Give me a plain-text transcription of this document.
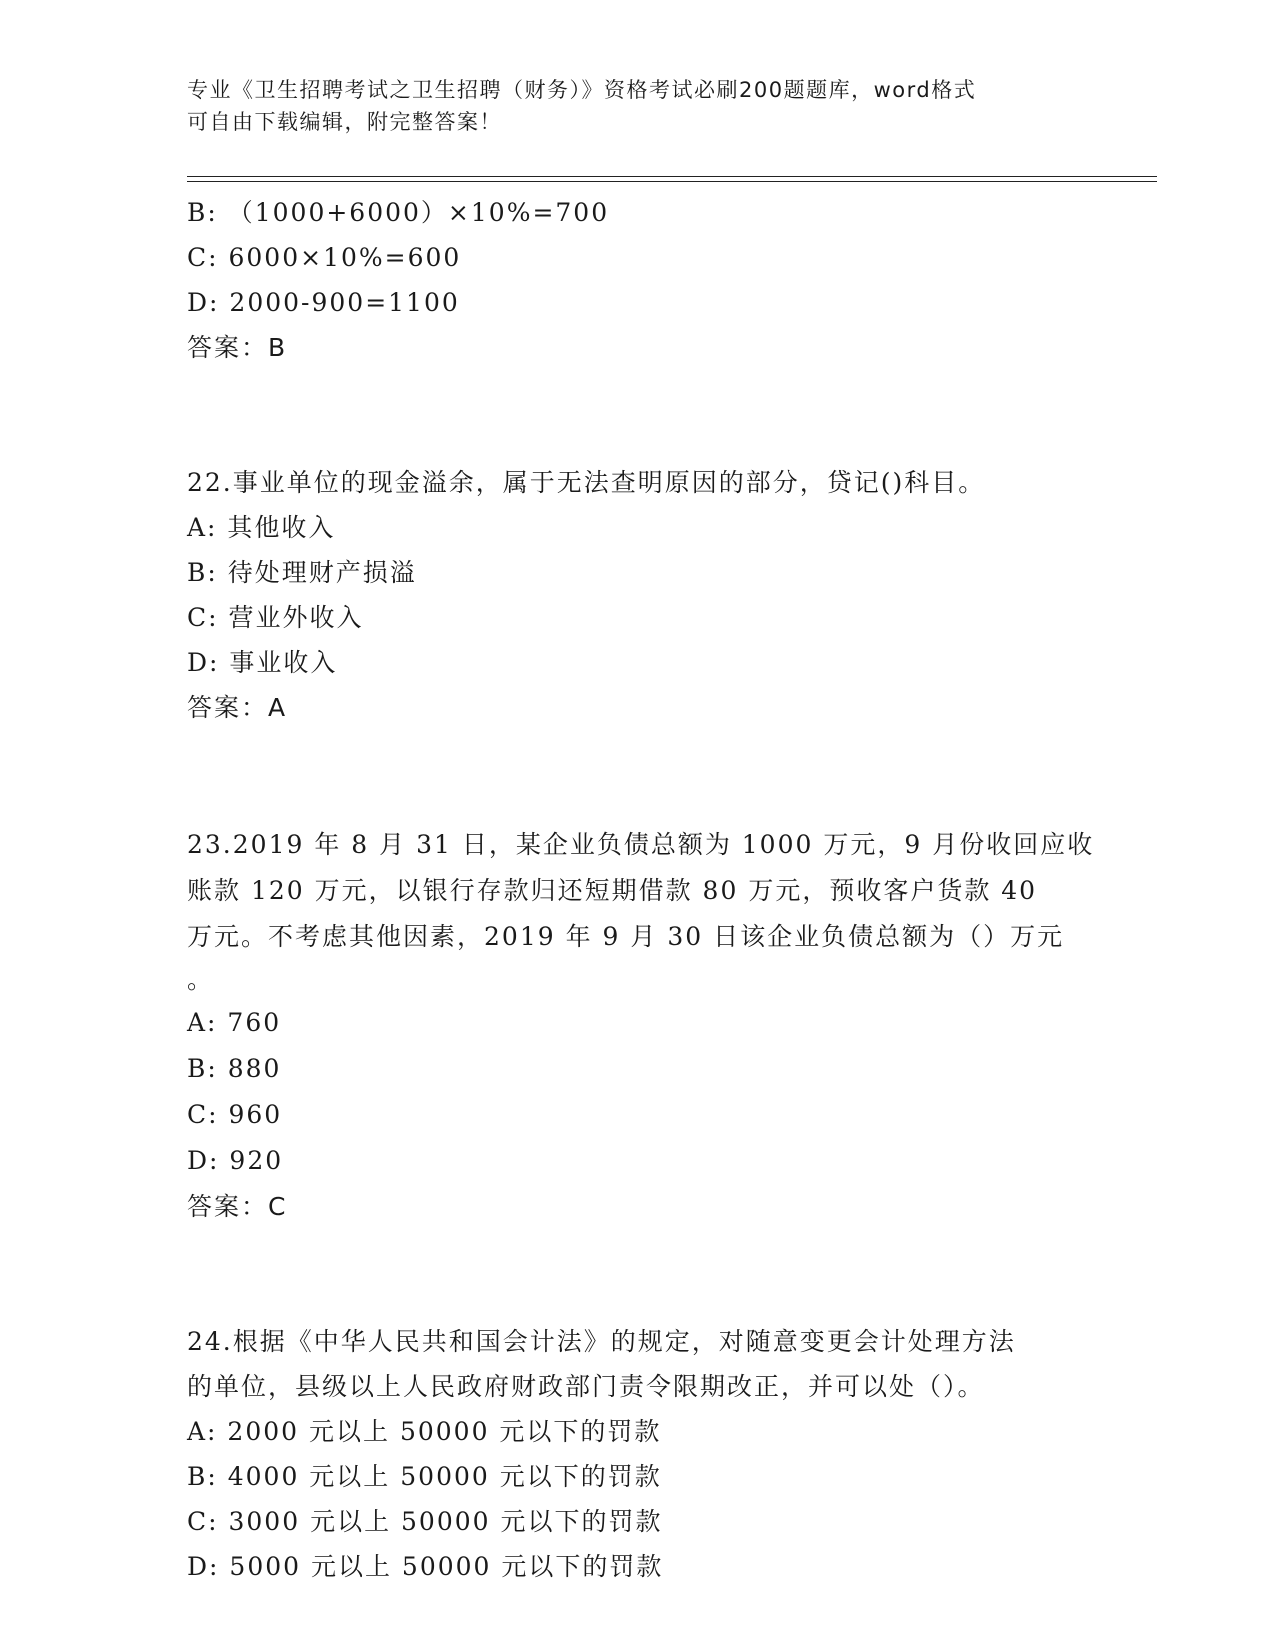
专业《卫生招聘考试之卫生招聘（财务）》资格考试必刷200题题库，word格式
可自由下载编辑，附完整答案！
B: （1000+6000）×10%=700
C: 6000×10%=600
D: 2000-900=1100
答案：B
22.事业单位的现金溢余，属于无法查明原因的部分，贷记()科目。
A: 其他收入
B: 待处理财产损溢
C: 营业外收入
D: 事业收入
答案：A
23.2019 年 8 月 31 日，某企业负债总额为 1000 万元，9 月份收回应收
账款 120 万元，以银行存款归还短期借款 80 万元，预收客户货款 40
万元。不考虑其他因素，2019 年 9 月 30 日该企业负债总额为（）万元
。
A: 760
B: 880
C: 960
D: 920
答案：C
24.根据《中华人民共和国会计法》的规定，对随意变更会计处理方法
的单位，县级以上人民政府财政部门责令限期改正，并可以处（）。
A: 2000 元以上 50000 元以下的罚款
B: 4000 元以上 50000 元以下的罚款
C: 3000 元以上 50000 元以下的罚款
D: 5000 元以上 50000 元以下的罚款
